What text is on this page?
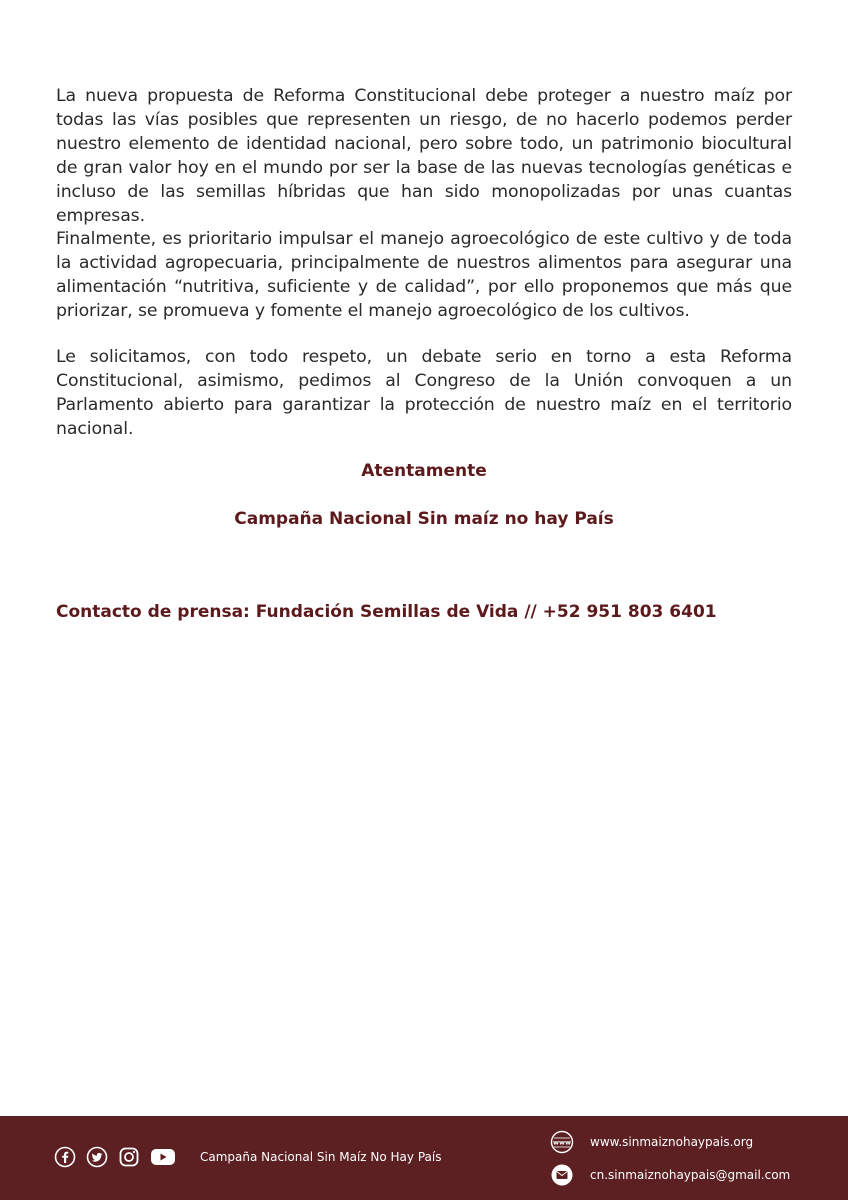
La nueva propuesta de Reforma Constitucional debe proteger a nuestro maíz por todas las vías posibles que representen un riesgo, de no hacerlo podemos perder nuestro elemento de identidad nacional, pero sobre todo, un patrimonio biocultural de gran valor hoy en el mundo por ser la base de las nuevas tecnologías genéticas e incluso de las semillas híbridas que han sido monopolizadas por unas cuantas empresas.

Finalmente, es prioritario impulsar el manejo agroecológico de este cultivo y de toda la actividad agropecuaria, principalmente de nuestros alimentos para asegurar una alimentación “nutritiva, suficiente y de calidad”, por ello proponemos que más que priorizar, se promueva y fomente el manejo agroecológico de los cultivos.

Le solicitamos, con todo respeto, un debate serio en torno a esta Reforma Constitucional, asimismo, pedimos al Congreso de la Unión convoquen a un Parlamento abierto para garantizar la protección de nuestro maíz en el territorio nacional.

Atentamente

Campaña Nacional Sin maíz no hay País

Contacto de prensa: Fundación Semillas de Vida // +52 951 803 6401

Campaña Nacional Sin Maíz No Hay País
www www.sinmaiznohaypais.org
cn.sinmaiznohaypais@gmail.com
